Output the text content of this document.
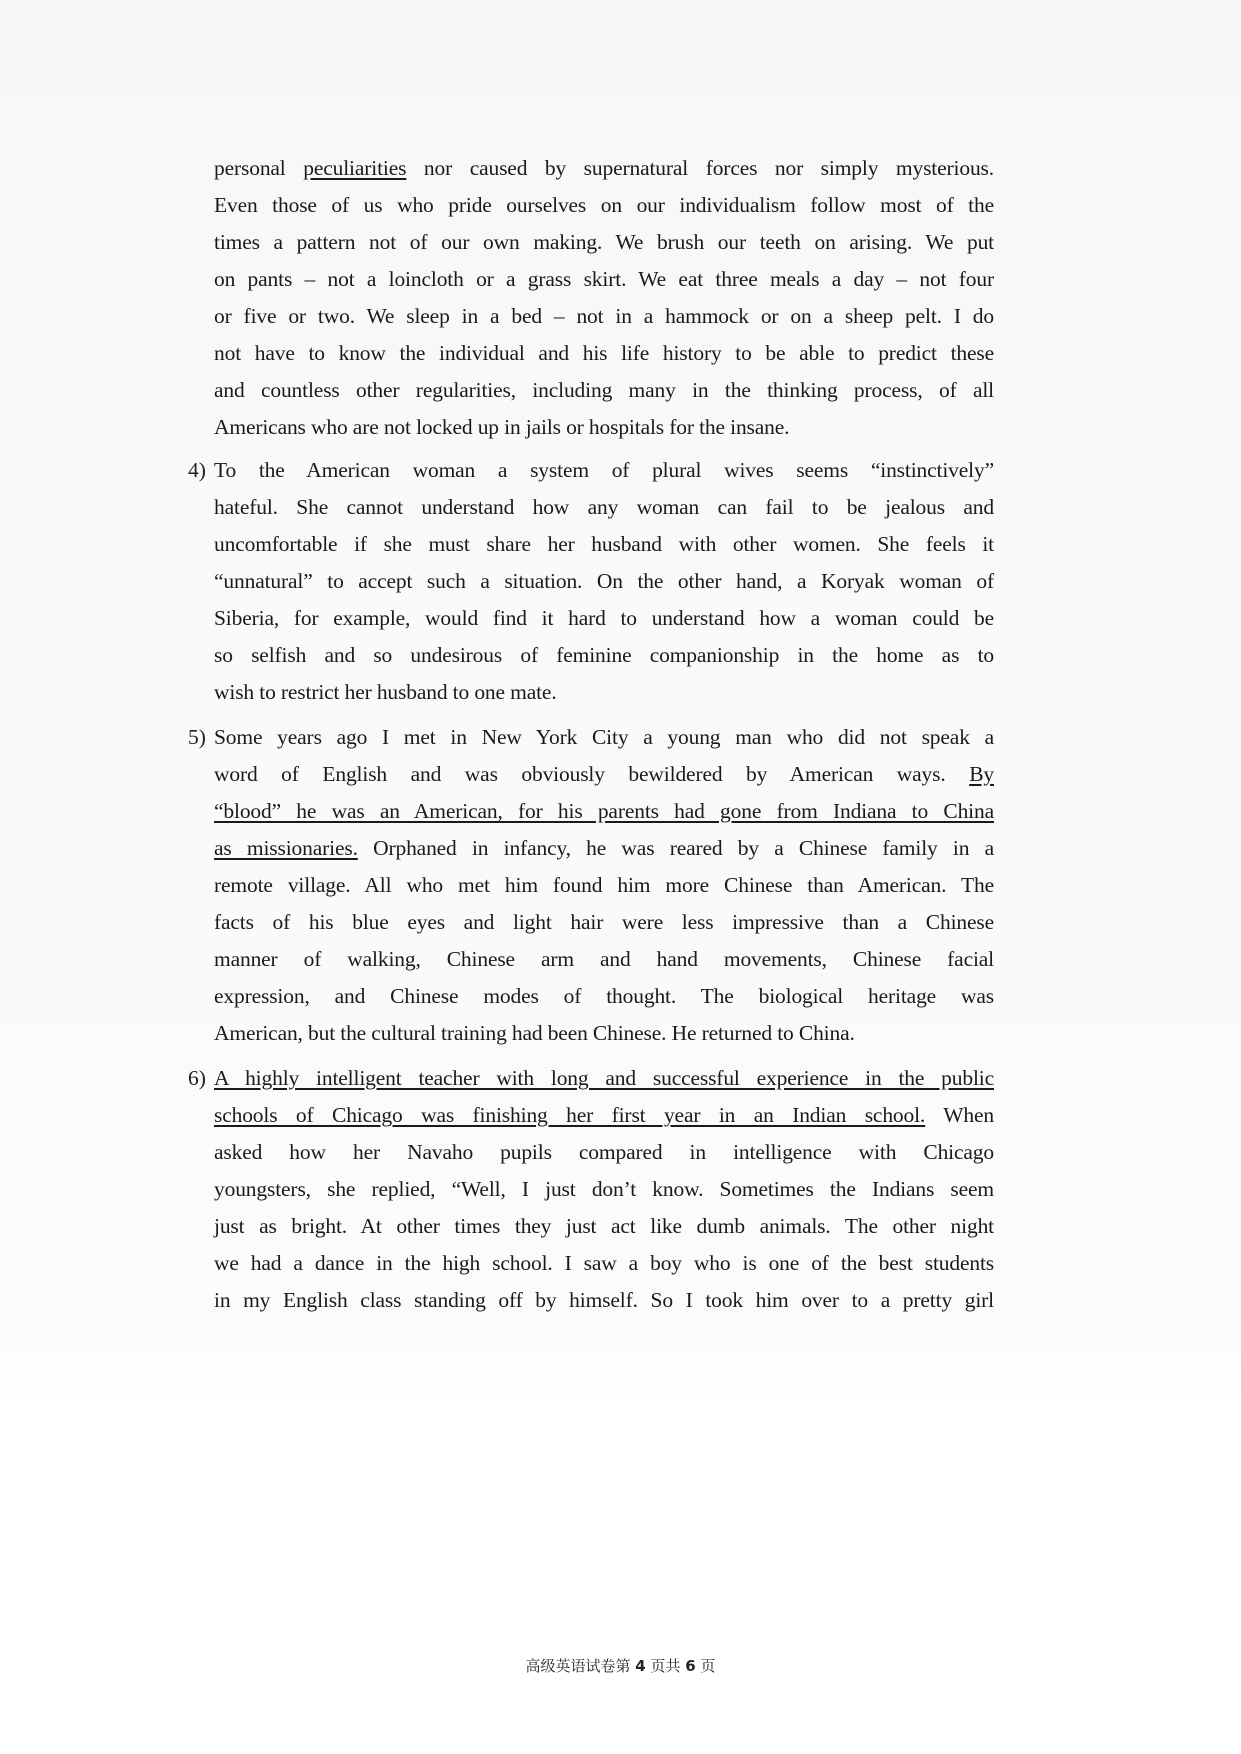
personal peculiarities nor caused by supernatural forces nor simply mysterious.
Even those of us who pride ourselves on our individualism follow most of the
times a pattern not of our own making. We brush our teeth on arising. We put
on pants – not a loincloth or a grass skirt. We eat three meals a day – not four
or five or two. We sleep in a bed – not in a hammock or on a sheep pelt. I do
not have to know the individual and his life history to be able to predict these
and countless other regularities, including many in the thinking process, of all
Americans who are not locked up in jails or hospitals for the insane.
4) To the American woman a system of plural wives seems “instinctively”
hateful. She cannot understand how any woman can fail to be jealous and
uncomfortable if she must share her husband with other women. She feels it
“unnatural” to accept such a situation. On the other hand, a Koryak woman of
Siberia, for example, would find it hard to understand how a woman could be
so selfish and so undesirous of feminine companionship in the home as to
wish to restrict her husband to one mate.
5) Some years ago I met in New York City a young man who did not speak a
word of English and was obviously bewildered by American ways. By
“blood” he was an American, for his parents had gone from Indiana to China
as missionaries. Orphaned in infancy, he was reared by a Chinese family in a
remote village. All who met him found him more Chinese than American. The
facts of his blue eyes and light hair were less impressive than a Chinese
manner of walking, Chinese arm and hand movements, Chinese facial
expression, and Chinese modes of thought. The biological heritage was
American, but the cultural training had been Chinese. He returned to China.
6) A highly intelligent teacher with long and successful experience in the public
schools of Chicago was finishing her first year in an Indian school. When
asked how her Navaho pupils compared in intelligence with Chicago
youngsters, she replied, “Well, I just don’t know. Sometimes the Indians seem
just as bright. At other times they just act like dumb animals. The other night
we had a dance in the high school. I saw a boy who is one of the best students
in my English class standing off by himself. So I took him over to a pretty girl
高级英语试卷第 4 页共 6 页
